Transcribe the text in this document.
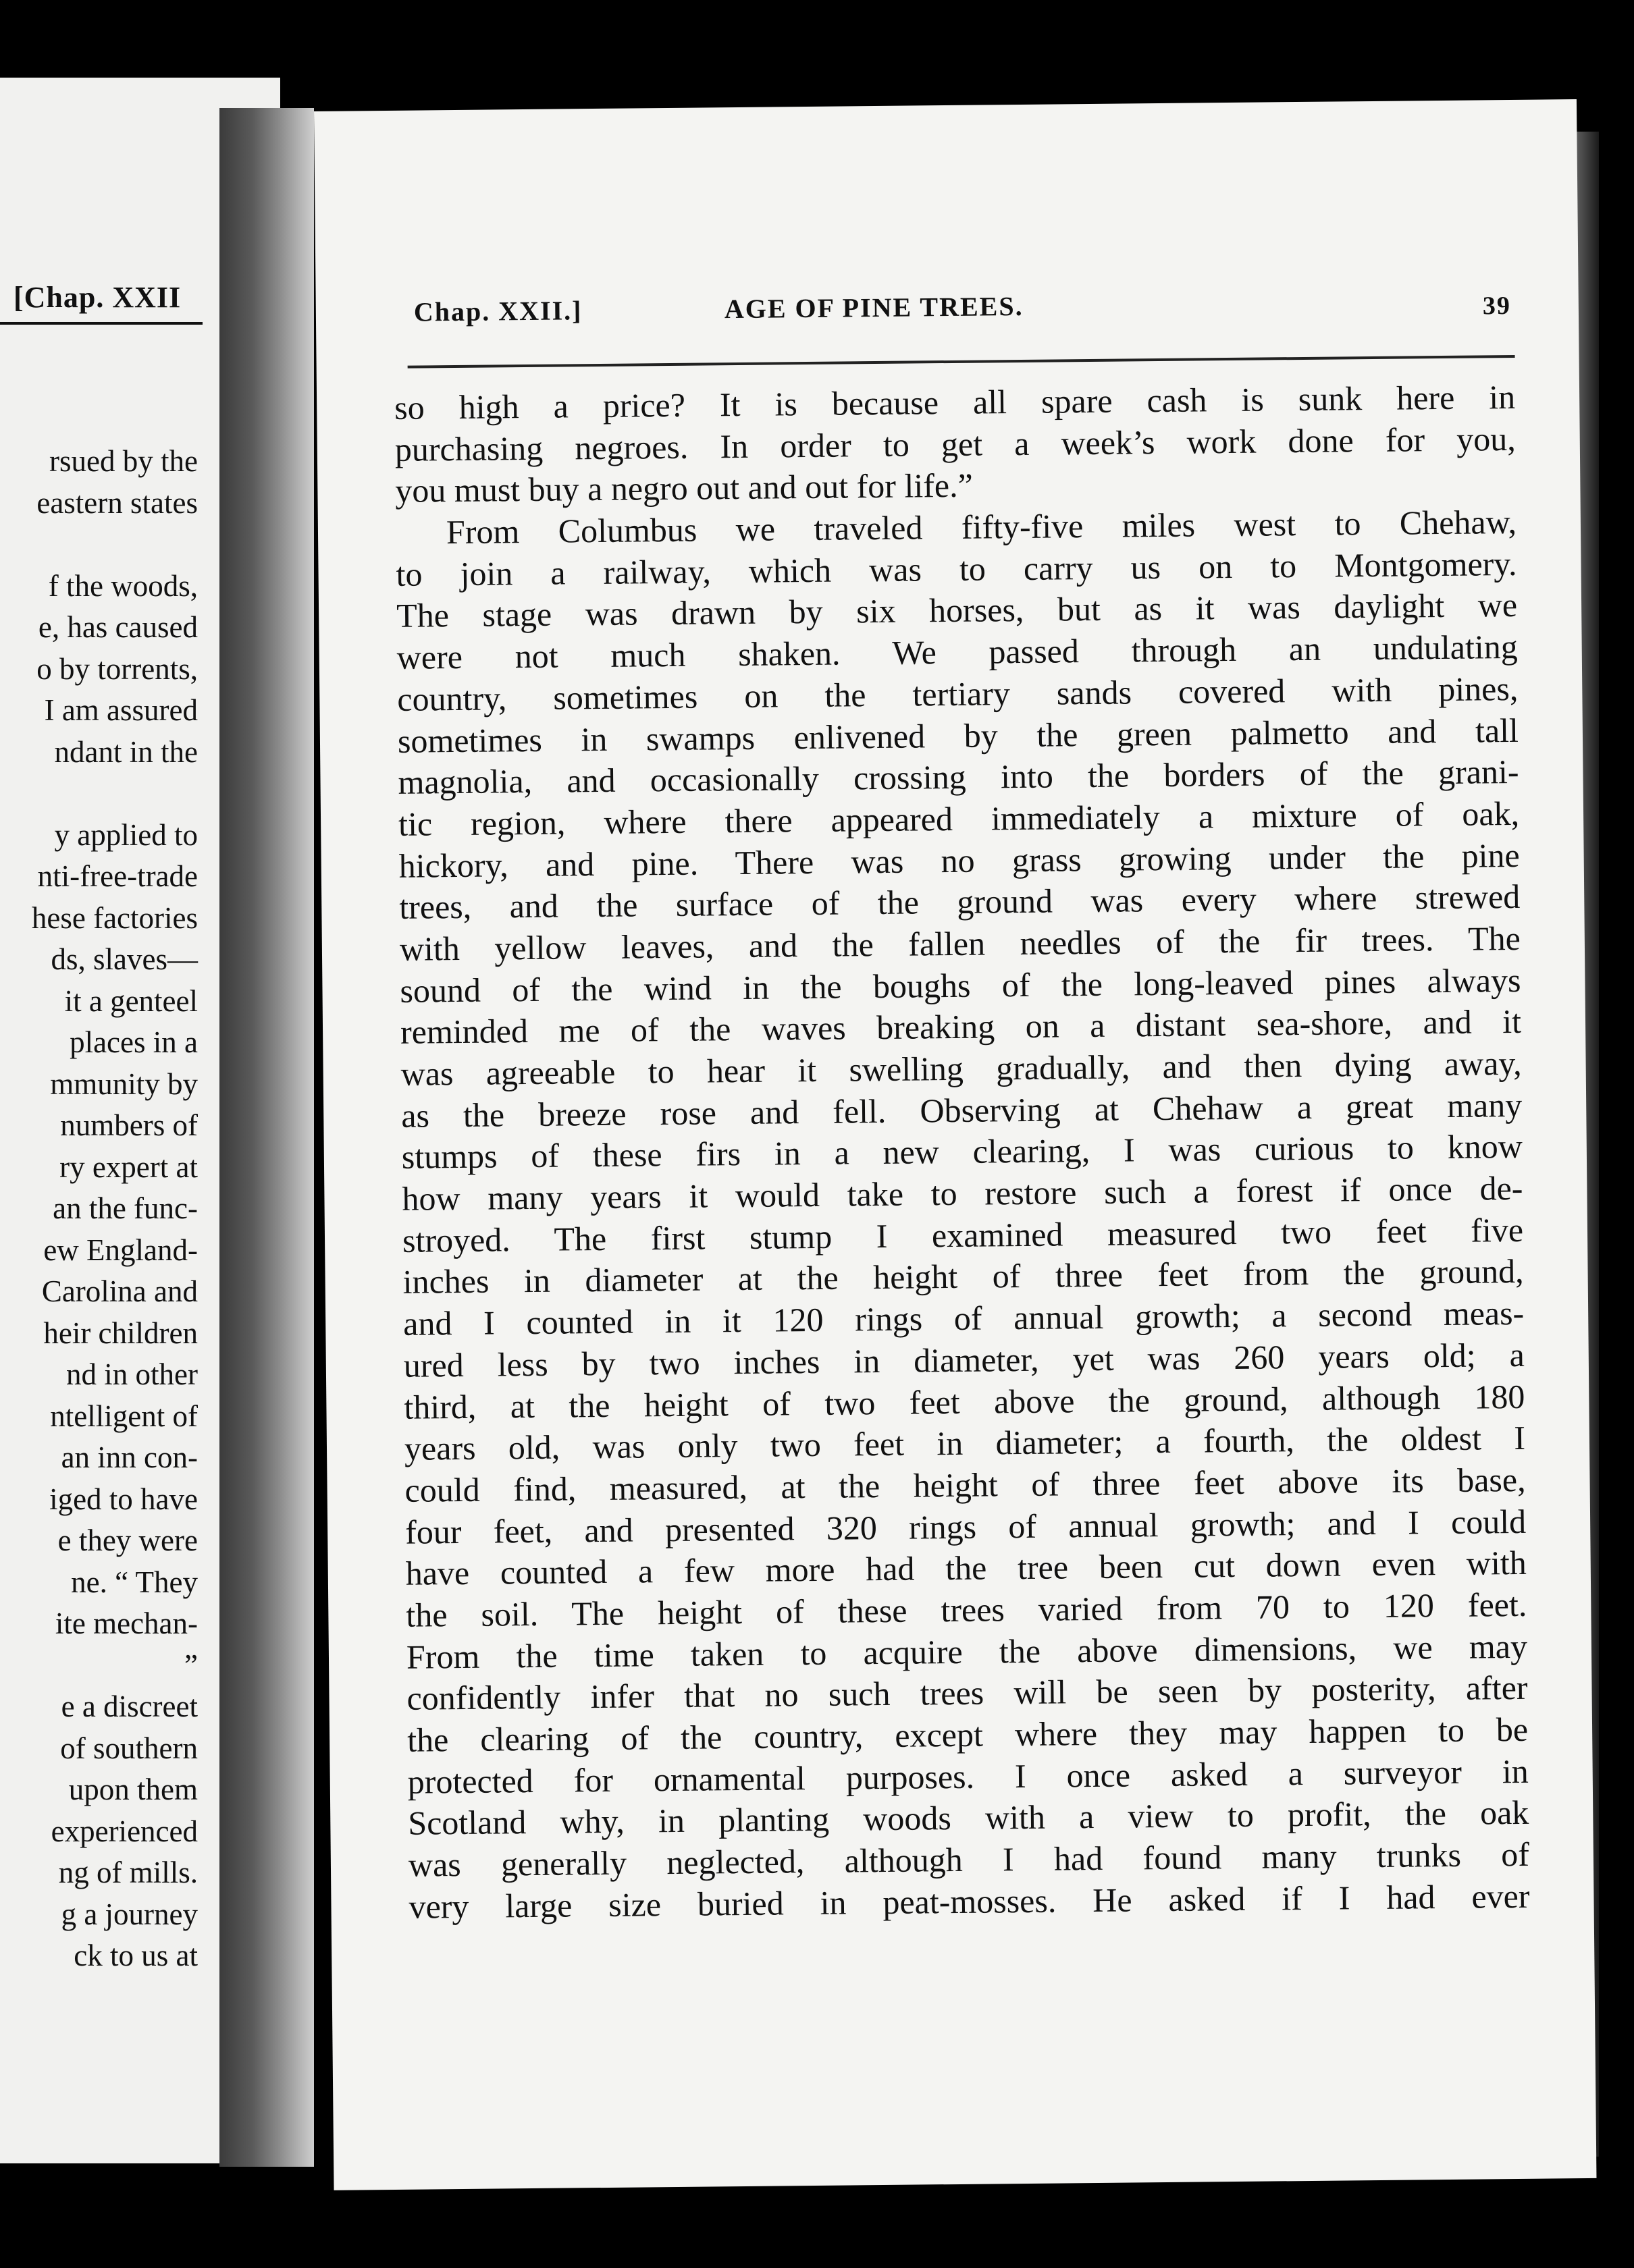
[Chap. XXII
rsued by the
eastern states
f the woods,
e, has caused
o by torrents,
I am assured
ndant in the
y applied to
nti-free-trade
hese factories
ds, slaves—
it a genteel
places in a
mmunity by
numbers of
ry expert at
an the func-
ew England-
Carolina and
heir children
nd in other
ntelligent of
an inn con-
iged to have
e they were
ne. “ They
ite mechan-
”
e a discreet
of southern
upon them
experienced
ng of mills.
g a journey
ck to us at
Chap. XXII.]	AGE OF PINE TREES.	39
so high a price? It is because all spare cash is sunk here in
purchasing negroes. In order to get a week’s work done for you,
you must buy a negro out and out for life.”
From Columbus we traveled fifty-five miles west to Chehaw,
to join a railway, which was to carry us on to Montgomery.
The stage was drawn by six horses, but as it was daylight we
were not much shaken. We passed through an undulating
country, sometimes on the tertiary sands covered with pines,
sometimes in swamps enlivened by the green palmetto and tall
magnolia, and occasionally crossing into the borders of the grani-
tic region, where there appeared immediately a mixture of oak,
hickory, and pine. There was no grass growing under the pine
trees, and the surface of the ground was every where strewed
with yellow leaves, and the fallen needles of the fir trees. The
sound of the wind in the boughs of the long-leaved pines always
reminded me of the waves breaking on a distant sea-shore, and it
was agreeable to hear it swelling gradually, and then dying away,
as the breeze rose and fell. Observing at Chehaw a great many
stumps of these firs in a new clearing, I was curious to know
how many years it would take to restore such a forest if once de-
stroyed. The first stump I examined measured two feet five
inches in diameter at the height of three feet from the ground,
and I counted in it 120 rings of annual growth; a second meas-
ured less by two inches in diameter, yet was 260 years old; a
third, at the height of two feet above the ground, although 180
years old, was only two feet in diameter; a fourth, the oldest I
could find, measured, at the height of three feet above its base,
four feet, and presented 320 rings of annual growth; and I could
have counted a few more had the tree been cut down even with
the soil. The height of these trees varied from 70 to 120 feet.
From the time taken to acquire the above dimensions, we may
confidently infer that no such trees will be seen by posterity, after
the clearing of the country, except where they may happen to be
protected for ornamental purposes. I once asked a surveyor in
Scotland why, in planting woods with a view to profit, the oak
was generally neglected, although I had found many trunks of
very large size buried in peat-mosses. He asked if I had ever
